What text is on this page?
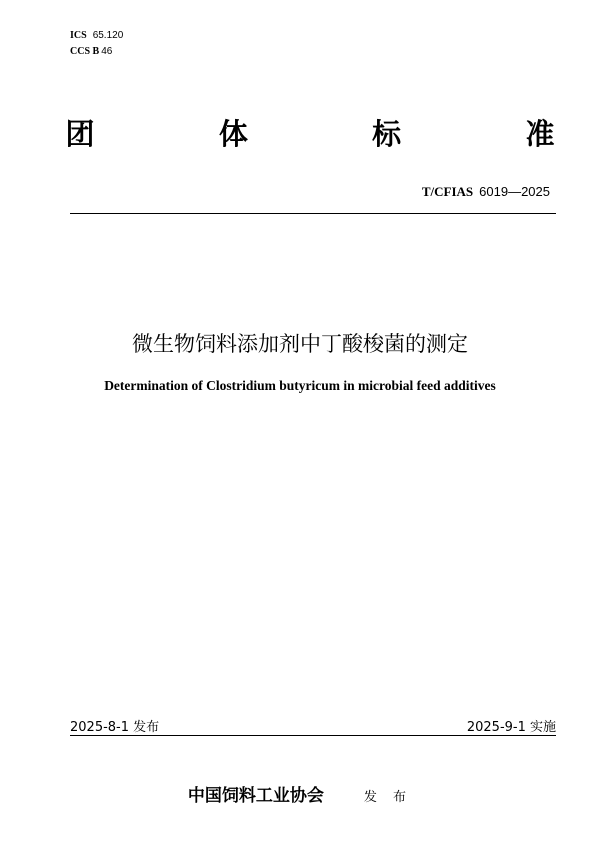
ICS 65.120
CCS B 46
团	体	标	准
T/CFIAS 6019—2025
微生物饲料添加剂中丁酸梭菌的测定
Determination of Clostridium butyricum in microbial feed additives
2025-8-1 发布	2025-9-1 实施
中国饲料工业协会	发 布
